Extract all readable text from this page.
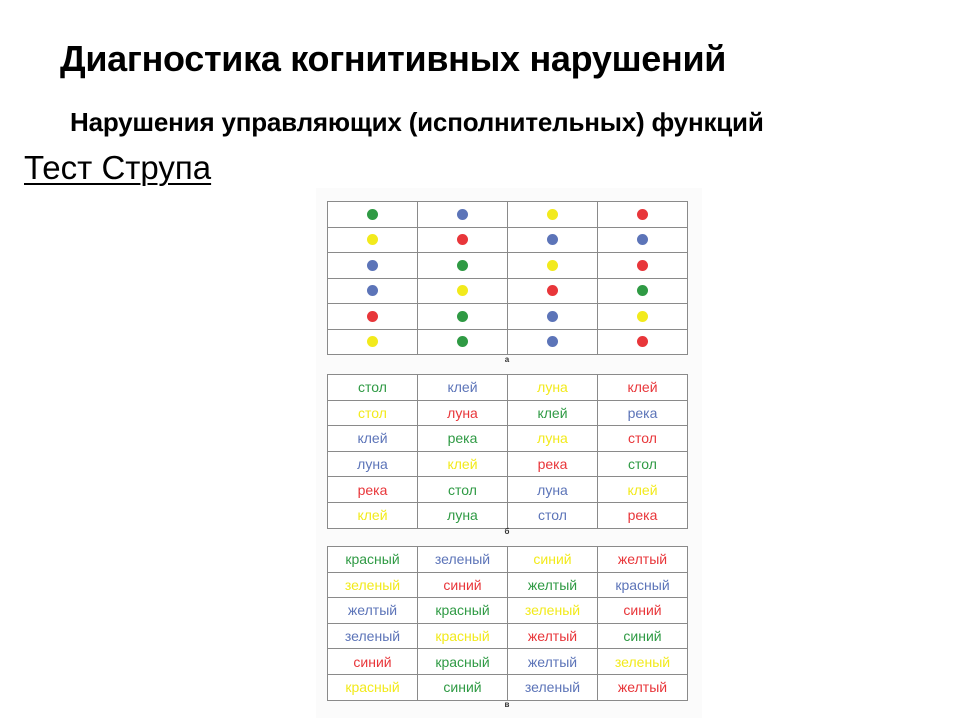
Диагностика когнитивных нарушений
Нарушения управляющих (исполнительных) функций
Тест Струпа

а
стол	клей	луна	клей
стол	луна	клей	река
клей	река	луна	стол
луна	клей	река	стол
река	стол	луна	клей
клей	луна	стол	река
б
красный	зеленый	синий	желтый
зеленый	синий	желтый	красный
желтый	красный	зеленый	синий
зеленый	красный	желтый	синий
синий	красный	желтый	зеленый
красный	синий	зеленый	желтый
в
